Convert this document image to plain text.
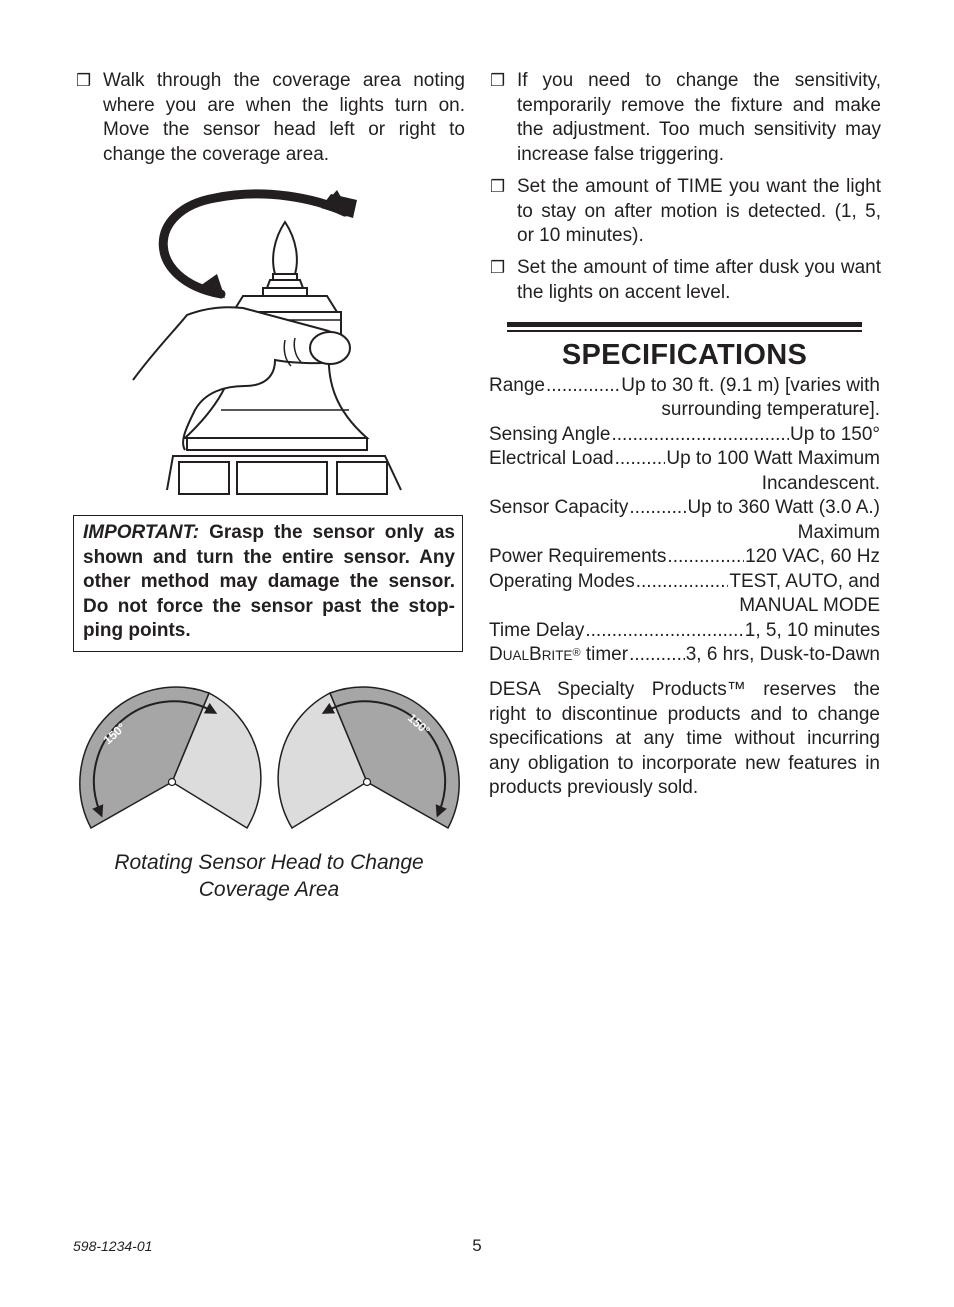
❒ Walk through the coverage area noting
where you are when the lights turn on.
Move the sensor head left or right to
change the coverage area.
IMPORTANT: Grasp the sensor only as
shown and turn the entire sensor. Any
other method may damage the sensor.
Do not force the sensor past the stop-
ping points.
150°	150°
Rotating Sensor Head to Change
Coverage Area
❒ If you need to change the sensitivity,
temporarily remove the fixture and make
the adjustment. Too much sensitivity may
increase false triggering.
❒ Set the amount of TIME you want the light
to stay on after motion is detected. (1, 5,
or 10 minutes).
❒ Set the amount of time after dusk you want
the lights on accent level.
SPECIFICATIONS
Range .....	Up to 30 ft. (9.1 m) [varies with
surrounding temperature].
Sensing Angle .....	Up to 150°
Electrical Load .....	Up to 100 Watt Maximum
Incandescent.
Sensor Capacity .....	Up to 360 Watt (3.0 A.)
Maximum
Power Requirements .....	120 VAC, 60 Hz
Operating Modes .....	TEST, AUTO, and
MANUAL MODE
Time Delay .....	1, 5, 10 minutes
DUALBRITE® timer .....	3, 6 hrs, Dusk-to-Dawn
DESA Specialty Products™ reserves the
right to discontinue products and to change
specifications at any time without incurring
any obligation to incorporate new features in
products previously sold.
598-1234-01	5
